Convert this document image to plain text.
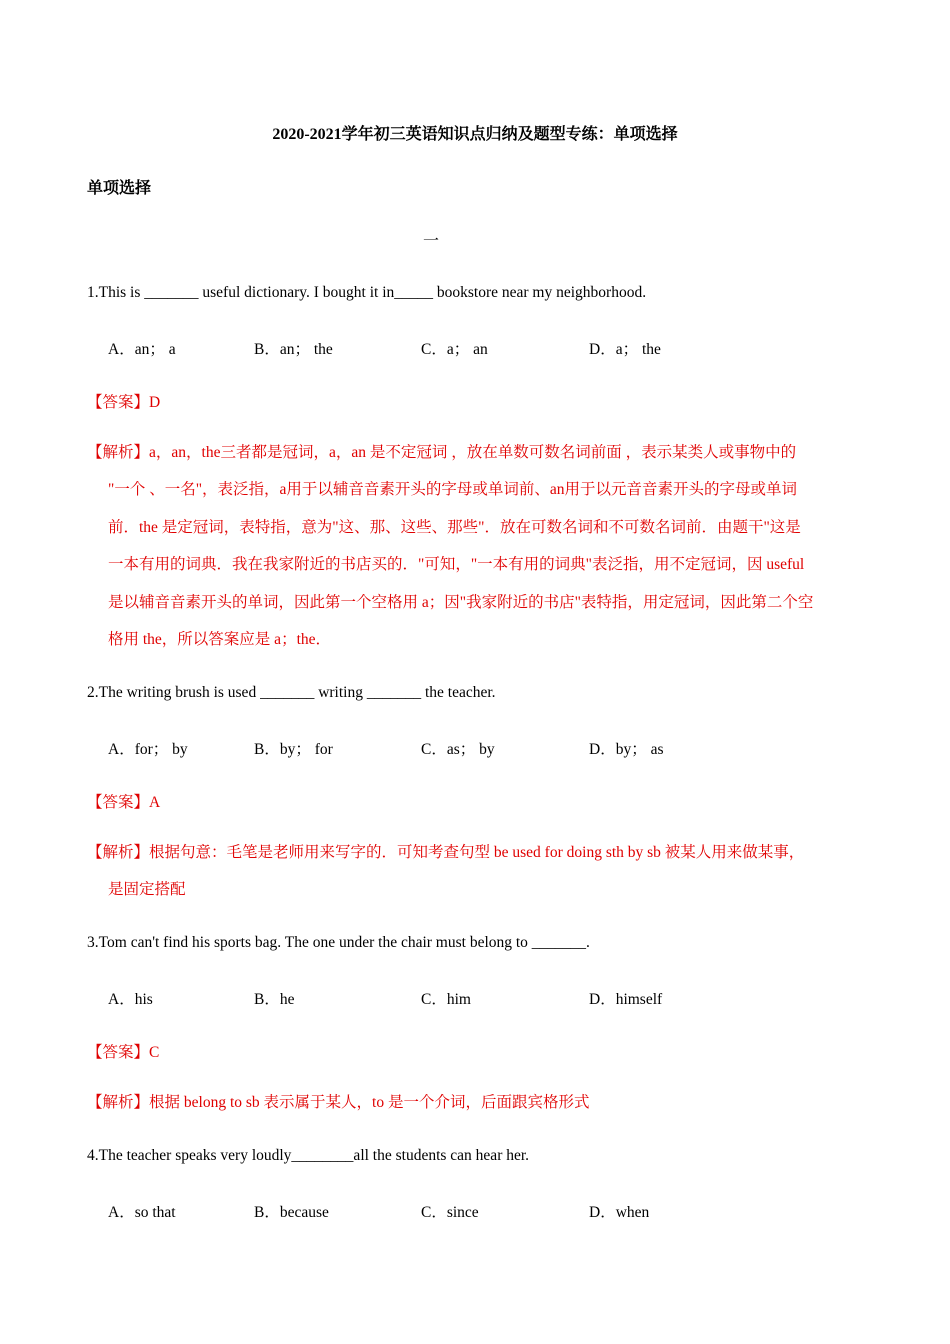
2020-2021学年初三英语知识点归纳及题型专练：单项选择
单项选择
一
1.This is _______ useful dictionary. I bought it in_____ bookstore near my neighborhood.
A．an； a	B．an； the	C．a； an	D．a； the
【答案】D
【解析】a，an，the三者都是冠词，a，an 是不定冠词 ，放在单数可数名词前面 ，表示某类人或事物中的
"一个 、一名"，表泛指，a用于以辅音音素开头的字母或单词前、an用于以元音音素开头的字母或单词
前．the 是定冠词，表特指，意为"这、那、这些、那些"．放在可数名词和不可数名词前．由题干"这是
一本有用的词典．我在我家附近的书店买的．"可知，"一本有用的词典"表泛指，用不定冠词，因 useful
是以辅音音素开头的单词，因此第一个空格用 a；因"我家附近的书店"表特指，用定冠词，因此第二个空
格用 the，所以答案应是 a；the．
2.The writing brush is used _______ writing _______ the teacher.
A．for； by	B．by； for	C．as； by	D．by； as
【答案】A
【解析】根据句意：毛笔是老师用来写字的．可知考查句型 be used for doing sth by sb 被某人用来做某事，
是固定搭配
3.Tom can't find his sports bag. The one under the chair must belong to _______.
A．his	B．he	C．him	D．himself
【答案】C
【解析】根据 belong to sb 表示属于某人，to 是一个介词，后面跟宾格形式
4.The teacher speaks very loudly________all the students can hear her.
A．so that	B．because	C．since	D．when
